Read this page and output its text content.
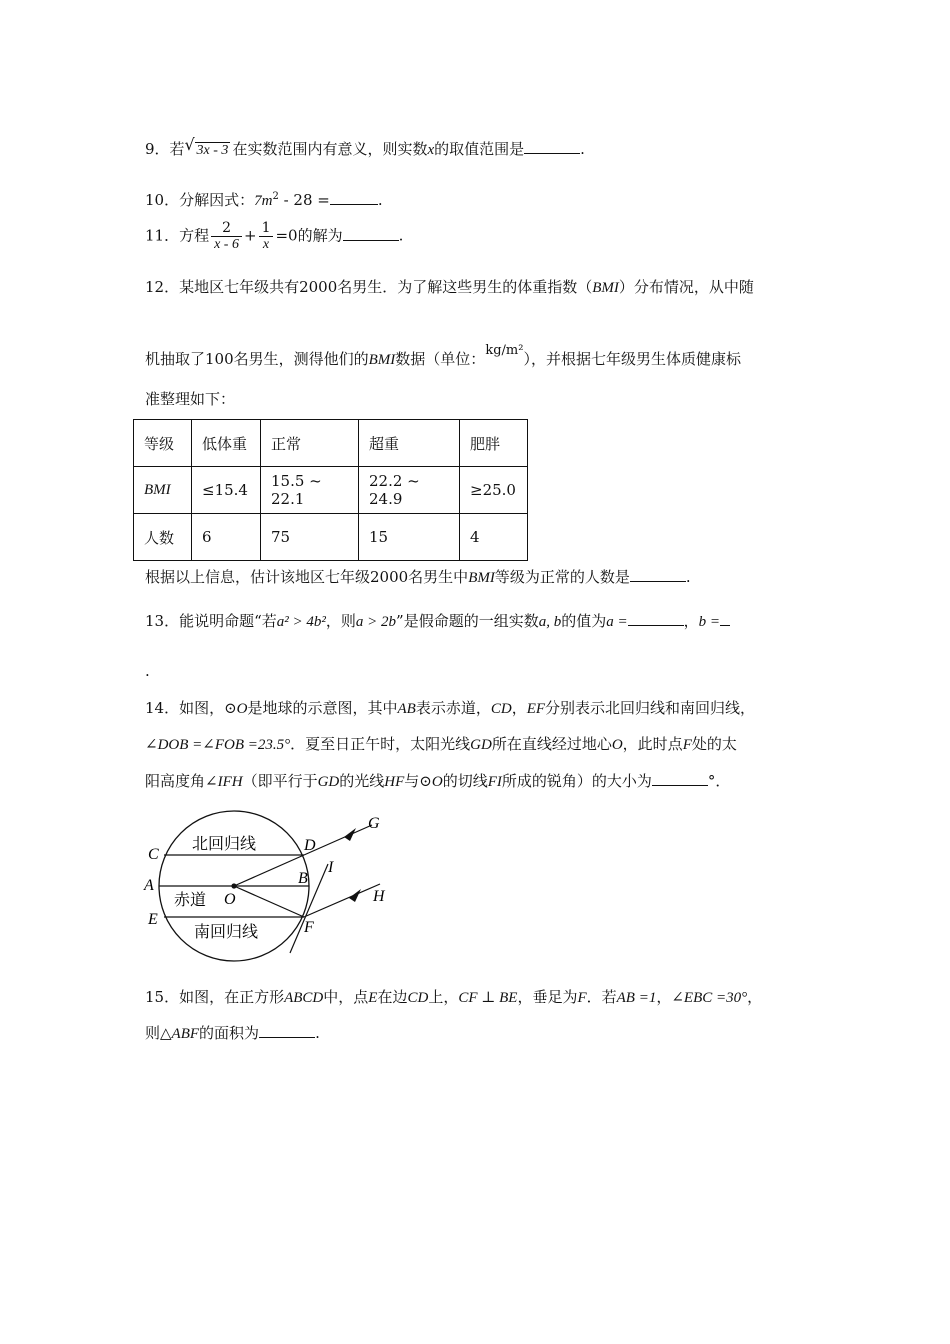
9．若 √ 3x - 3 在实数范围内有意义，则实数x的取值范围是	.
10．分解因式：$7m^2 - 28$ =	.
11．方程 $\frac{2}{x - 6} + \frac{1}{x} =0$的解为	.
12．某地区七年级共有2000名男生．为了解这些男生的体重指数（BMI）分布情况，从中随
机抽取了100名男生，测得他们的BMI数据（单位：kg/m²），并根据七年级男生体质健康标
准整理如下：
等级	低体重	正常	超重	肥胖
BMI	≤15.4	15.5 ~ 22.1	22.2 ~ 24.9	≥25.0
人数	6	75	15	4
根据以上信息，估计该地区七年级2000名男生中BMI等级为正常的人数是	.
13．能说明命题“若a² > 4b²，则a > 2b”是假命题的一组实数a, b的值为a =	，b =
.
14．如图，⊙O是地球的示意图，其中AB表示赤道，CD，EF分别表示北回归线和南回归线，
∠DOB =∠FOB =23.5°．夏至日正午时，太阳光线GD所在直线经过地心O，此时点F处的太
阳高度角∠IFH（即平行于GD的光线HF与⊙O的切线FI所成的锐角）的大小为	°．
北回归线
赤道
南回归线
C
A
E
D
B
F
G
I
H
O
15．如图，在正方形ABCD中，点E在边CD上，CF ⊥ BE，垂足为F．若AB =1，∠EBC =30°，
则△ABF的面积为	.
